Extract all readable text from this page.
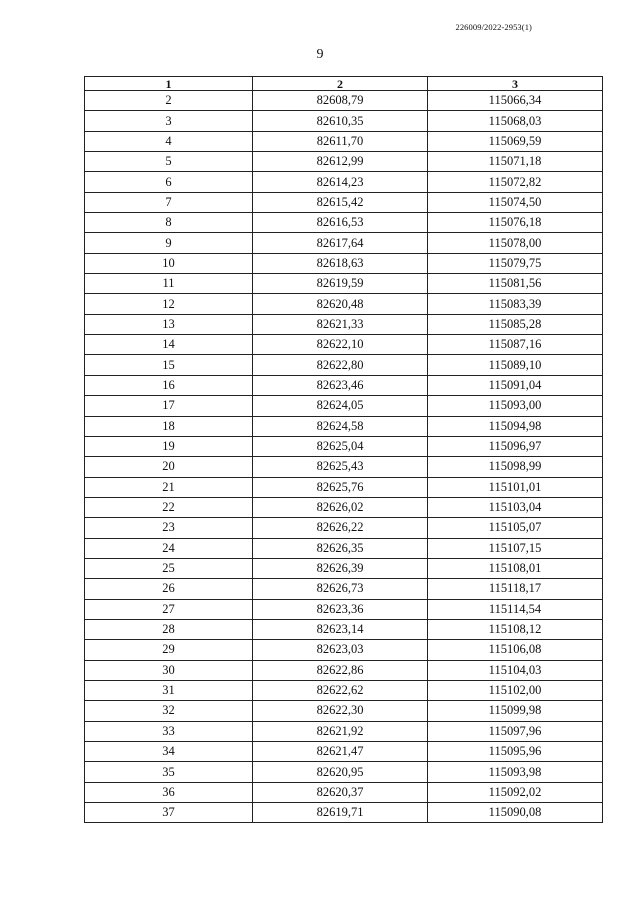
226009/2022-2953(1)
9
1	2	3
2	82608,79	115066,34
3	82610,35	115068,03
4	82611,70	115069,59
5	82612,99	115071,18
6	82614,23	115072,82
7	82615,42	115074,50
8	82616,53	115076,18
9	82617,64	115078,00
10	82618,63	115079,75
11	82619,59	115081,56
12	82620,48	115083,39
13	82621,33	115085,28
14	82622,10	115087,16
15	82622,80	115089,10
16	82623,46	115091,04
17	82624,05	115093,00
18	82624,58	115094,98
19	82625,04	115096,97
20	82625,43	115098,99
21	82625,76	115101,01
22	82626,02	115103,04
23	82626,22	115105,07
24	82626,35	115107,15
25	82626,39	115108,01
26	82626,73	115118,17
27	82623,36	115114,54
28	82623,14	115108,12
29	82623,03	115106,08
30	82622,86	115104,03
31	82622,62	115102,00
32	82622,30	115099,98
33	82621,92	115097,96
34	82621,47	115095,96
35	82620,95	115093,98
36	82620,37	115092,02
37	82619,71	115090,08
